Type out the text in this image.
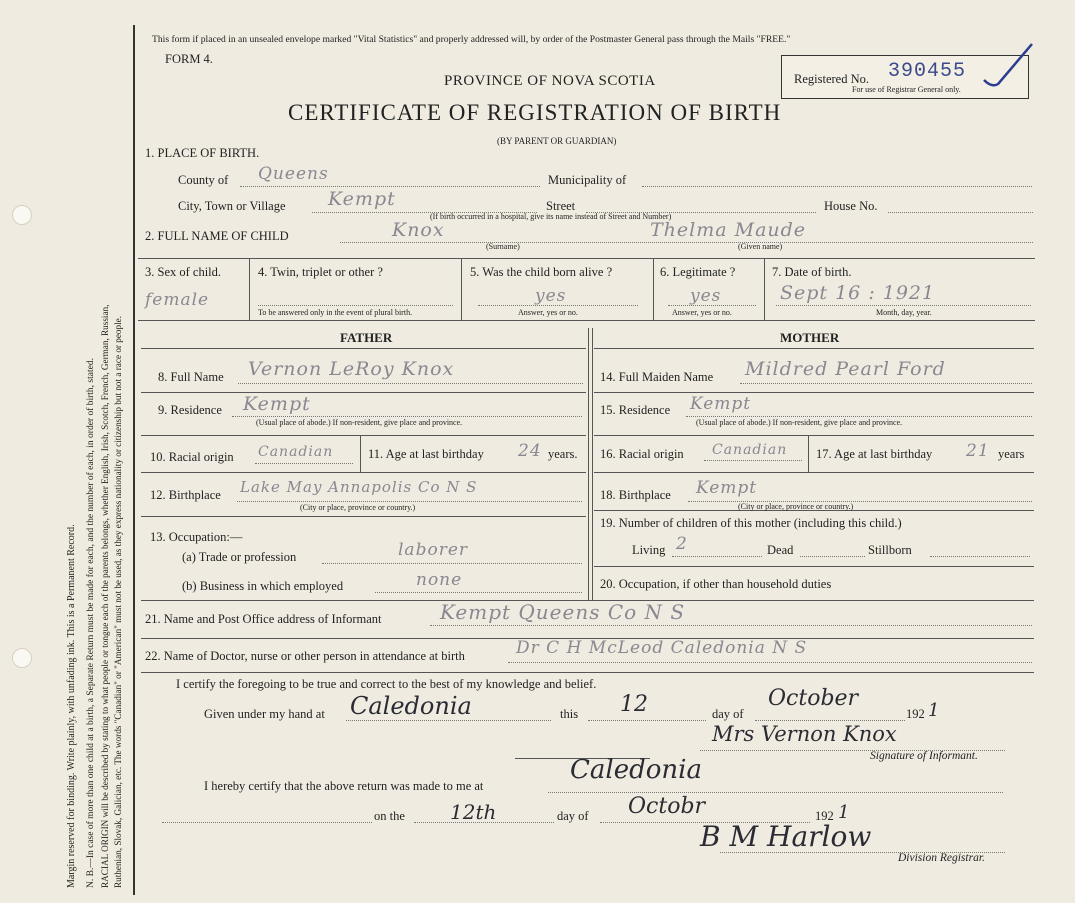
Margin reserved for binding. Write plainly, with unfading ink. This is a Permanent Record. N. B.—In case of more than one child at a birth, a Separate Return must be made for each, and the number of each, in order of birth, stated. RACIAL ORIGIN will be described by stating to what people or tongue each of the parents belongs, whether English, Irish, Scotch, French, German, Russian, Ruthenian, Slovak, Galician, etc. The words "Canadian" or "American" must not be used, as they express nationality or citizenship but not a race or people.
This form if placed in an unsealed envelope marked "Vital Statistics" and properly addressed will, by order of the Postmaster General pass through the Mails "FREE."
FORM 4.
PROVINCE OF NOVA SCOTIA
CERTIFICATE OF REGISTRATION OF BIRTH
(BY PARENT OR GUARDIAN)
Registered No. 390455
For use of Registrar General only.
1. PLACE OF BIRTH.
County of Queens	Municipality of
City, Town or Village Kempt	Street
(If birth occurred in a hospital, give its name instead of Street and Number)
House No.
2. FULL NAME OF CHILD	Knox
(Surname)
Thelma Maude
(Given name)
3. Sex of child.
female
4. Twin, triplet or other ?
To be answered only in the event of plural birth.
5. Was the child born alive ?
yes
Answer, yes or no.
6. Legitimate ?
yes
Answer, yes or no.
7. Date of birth.
Sept 16 : 1921
Month, day, year.
FATHER	MOTHER
8. Full Name Vernon LeRoy Knox
9. Residence Kempt
(Usual place of abode.) If non-resident, give place and province.
10. Racial origin Canadian	11. Age at last birthday 24 years.
12. Birthplace Lake May Annapolis Co N S
(City or place, province or country.)
13. Occupation:—
(a) Trade or profession	laborer
(b) Business in which employed	none
14. Full Maiden Name Mildred Pearl Ford
15. Residence Kempt
(Usual place of abode.) If non-resident, give place and province.
16. Racial origin Canadian 17. Age at last birthday 21 years
18. Birthplace Kempt
(City or place, province or country.)
19. Number of children of this mother (including this child.)
Living 2	Dead	Stillborn
20. Occupation, if other than household duties
21. Name and Post Office address of Informant	Kempt Queens Co N S
22. Name of Doctor, nurse or other person in attendance at birth	Dr C H McLeod Caledonia N S
I certify the foregoing to be true and correct to the best of my knowledge and belief.
Given under my hand at Caledonia	this 12	day of
October
192 1
Mrs Vernon Knox
Signature of Informant.
I hereby certify that the above return was made to me at
Caledonia
on the 12th	day of Octobr	192 1
B M Harlow
Division Registrar.
